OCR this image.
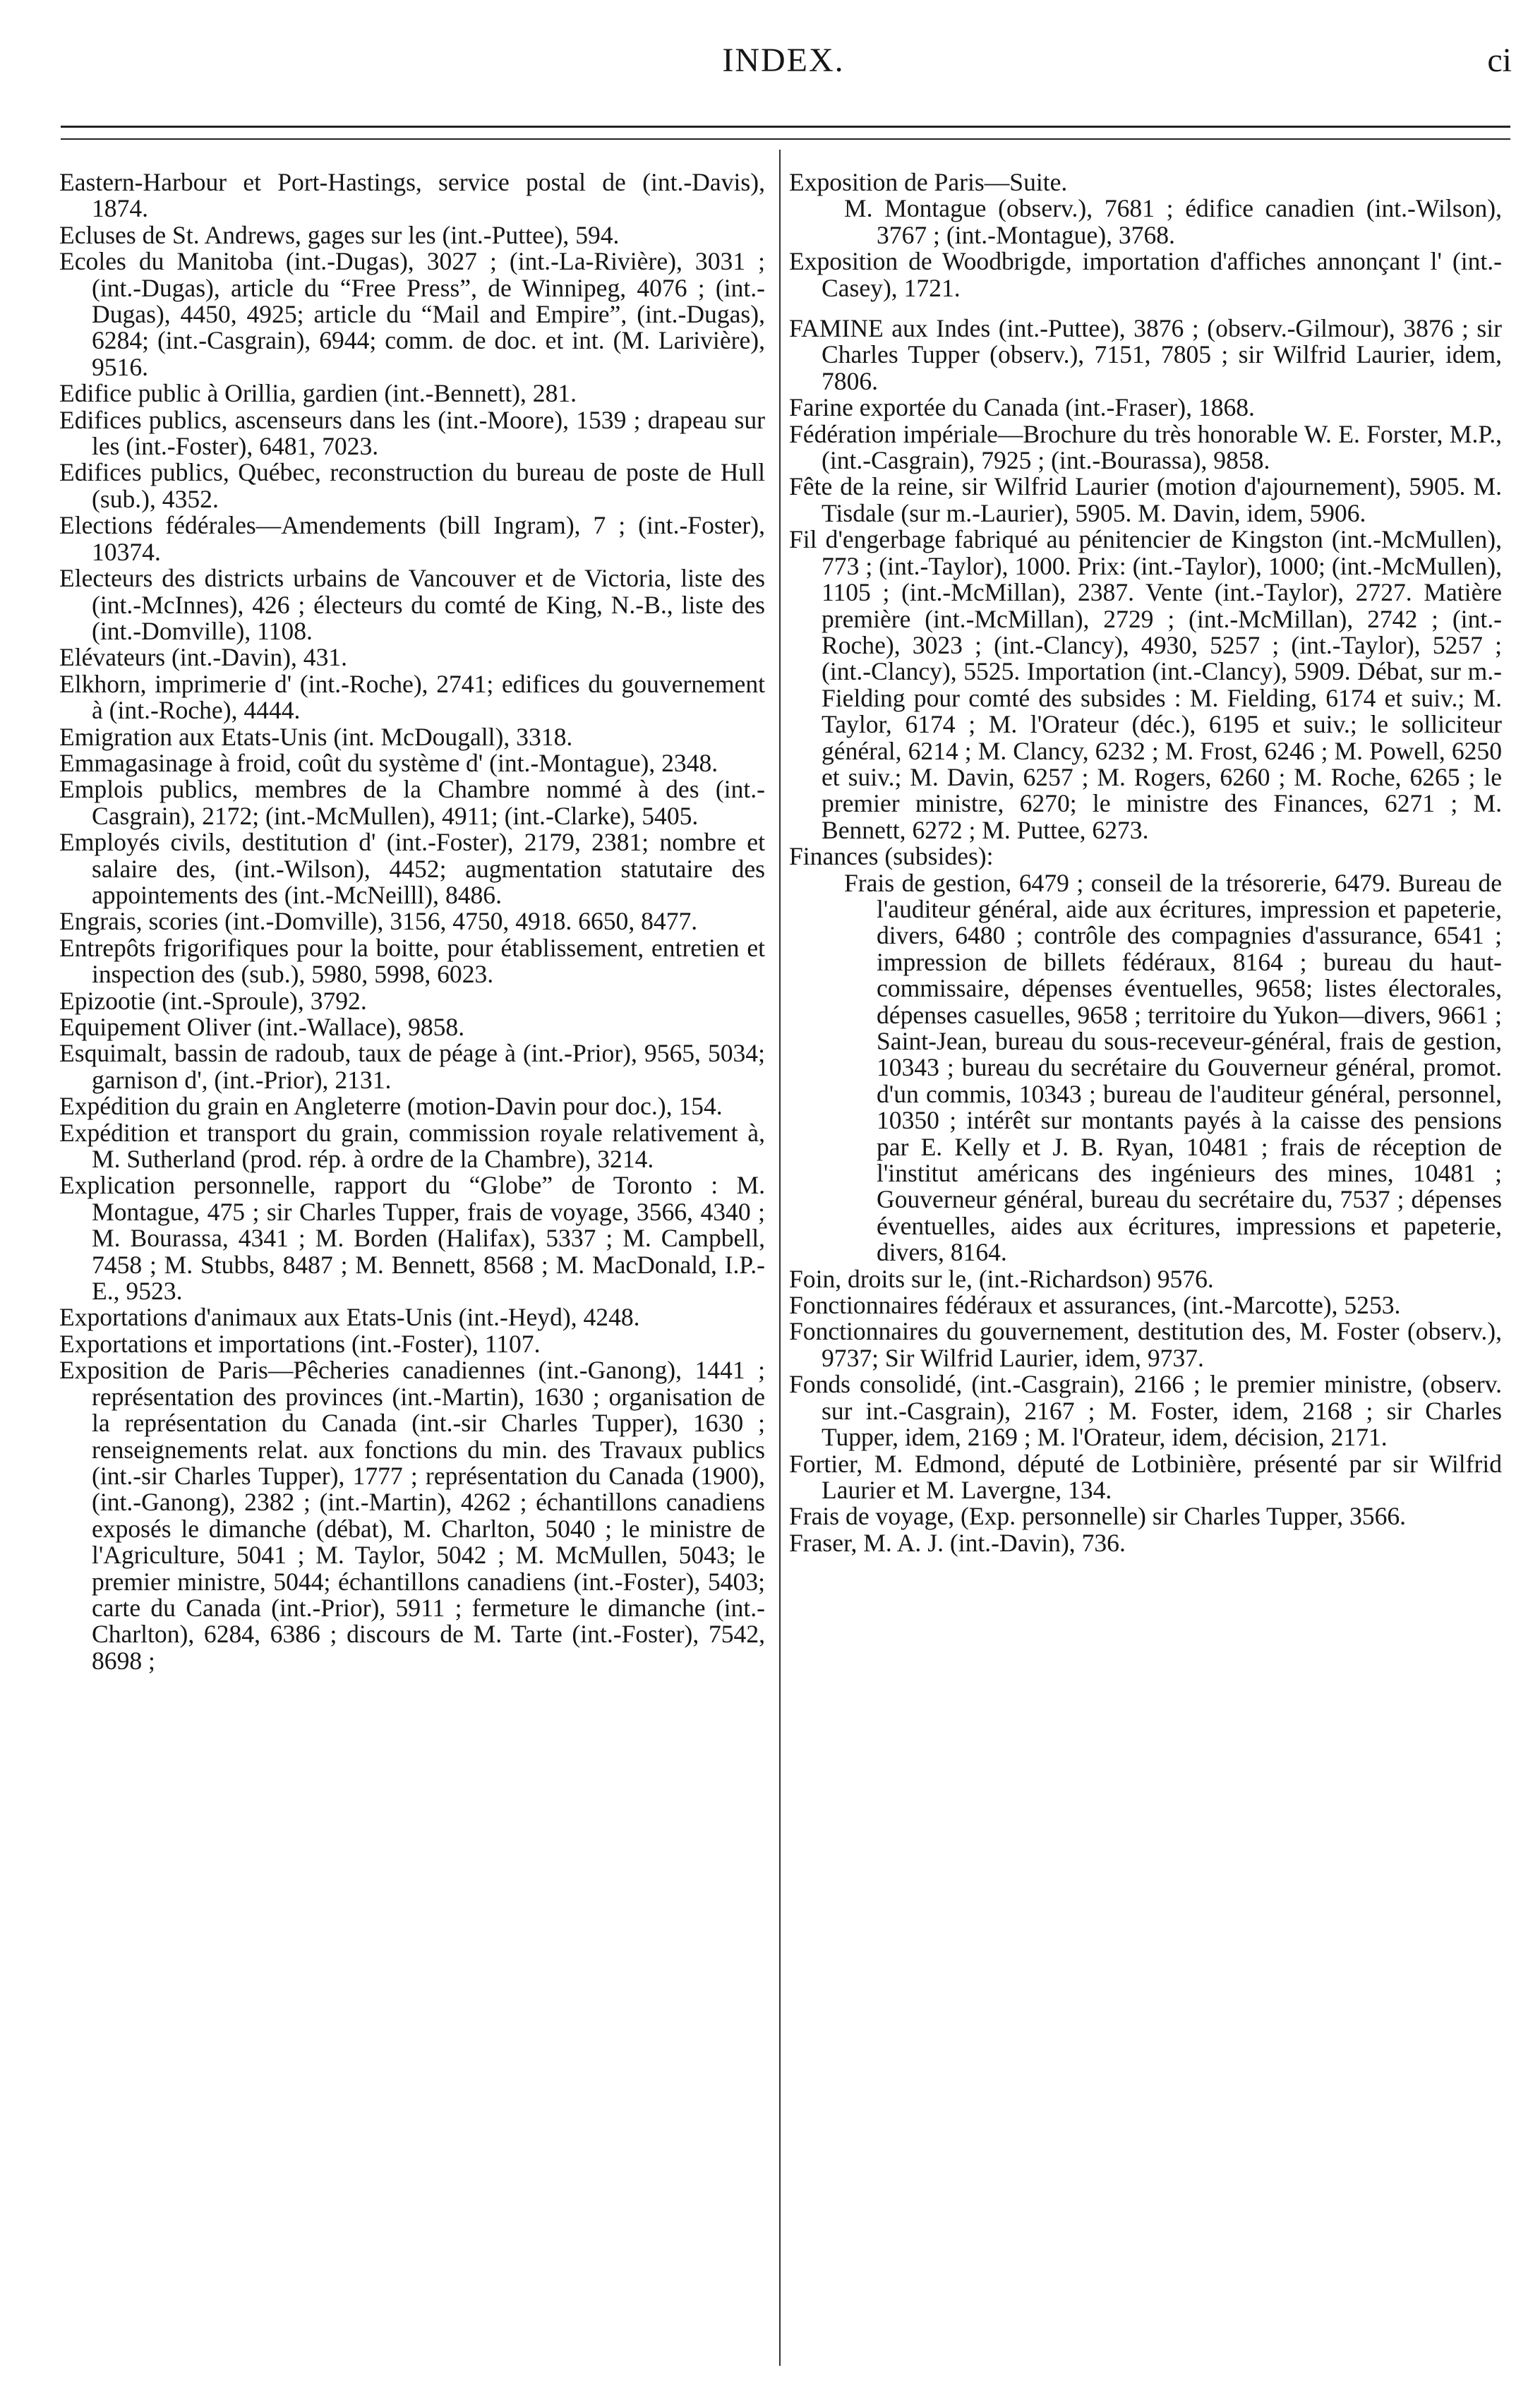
INDEX.	ci

Eastern-Harbour et Port-Hastings, service postal de (int.-Davis), 1874.

Ecluses de St. Andrews, gages sur les (int.-Puttee), 594.

Ecoles du Manitoba (int.-Dugas), 3027 ; (int.-La-Rivière), 3031 ; (int.-Dugas), article du “Free Press”, de Winnipeg, 4076 ; (int.-Dugas), 4450, 4925; article du “Mail and Empire”, (int.-Dugas), 6284; (int.-Casgrain), 6944; comm. de doc. et int. (M. Larivière), 9516.

Edifice public à Orillia, gardien (int.-Bennett), 281.

Edifices publics, ascenseurs dans les (int.-Moore), 1539 ; drapeau sur les (int.-Foster), 6481, 7023.

Edifices publics, Québec, reconstruction du bureau de poste de Hull (sub.), 4352.

Elections fédérales—Amendements (bill Ingram), 7 ; (int.-Foster), 10374.

Electeurs des districts urbains de Vancouver et de Victoria, liste des (int.-McInnes), 426 ; électeurs du comté de King, N.-B., liste des (int.-Domville), 1108.

Elévateurs (int.-Davin), 431.

Elkhorn, imprimerie d' (int.-Roche), 2741; edifices du gouvernement à (int.-Roche), 4444.

Emigration aux Etats-Unis (int. McDougall), 3318.

Emmagasinage à froid, coût du système d' (int.-Montague), 2348.

Emplois publics, membres de la Chambre nommé à des (int.-Casgrain), 2172; (int.-McMullen), 4911; (int.-Clarke), 5405.

Employés civils, destitution d' (int.-Foster), 2179, 2381; nombre et salaire des, (int.-Wilson), 4452; augmentation statutaire des appointements des (int.-McNeilll), 8486.

Engrais, scories (int.-Domville), 3156, 4750, 4918. 6650, 8477.

Entrepôts frigorifiques pour la boitte, pour établissement, entretien et inspection des (sub.), 5980, 5998, 6023.

Epizootie (int.-Sproule), 3792.

Equipement Oliver (int.-Wallace), 9858.

Esquimalt, bassin de radoub, taux de péage à (int.-Prior), 9565, 5034; garnison d', (int.-Prior), 2131.

Expédition du grain en Angleterre (motion-Davin pour doc.), 154.

Expédition et transport du grain, commission royale relativement à, M. Sutherland (prod. rép. à ordre de la Chambre), 3214.

Explication personnelle, rapport du “Globe” de Toronto : M. Montague, 475 ; sir Charles Tupper, frais de voyage, 3566, 4340 ; M. Bourassa, 4341 ; M. Borden (Halifax), 5337 ; M. Campbell, 7458 ; M. Stubbs, 8487 ; M. Bennett, 8568 ; M. MacDonald, I.P.-E., 9523.

Exportations d'animaux aux Etats-Unis (int.-Heyd), 4248.

Exportations et importations (int.-Foster), 1107.

Exposition de Paris—Pêcheries canadiennes (int.-Ganong), 1441 ; représentation des provinces (int.-Martin), 1630 ; organisation de la représentation du Canada (int.-sir Charles Tupper), 1630 ; renseignements relat. aux fonctions du min. des Travaux publics (int.-sir Charles Tupper), 1777 ; représentation du Canada (1900), (int.-Ganong), 2382 ; (int.-Martin), 4262 ; échantillons canadiens exposés le dimanche (débat), M. Charlton, 5040 ; le ministre de l'Agriculture, 5041 ; M. Taylor, 5042 ; M. McMullen, 5043; le premier ministre, 5044; échantillons canadiens (int.-Foster), 5403; carte du Canada (int.-Prior), 5911 ; fermeture le dimanche (int.-Charlton), 6284, 6386 ; discours de M. Tarte (int.-Foster), 7542, 8698 ;

Exposition de Paris—Suite.

M. Montague (observ.), 7681 ; édifice canadien (int.-Wilson), 3767 ; (int.-Montague), 3768.

Exposition de Woodbrigde, importation d'affiches annonçant l' (int.-Casey), 1721.

FAMINE aux Indes (int.-Puttee), 3876 ; (observ.-Gilmour), 3876 ; sir Charles Tupper (observ.), 7151, 7805 ; sir Wilfrid Laurier, idem, 7806.

Farine exportée du Canada (int.-Fraser), 1868.

Fédération impériale—Brochure du très honorable W. E. Forster, M.P., (int.-Casgrain), 7925 ; (int.-Bourassa), 9858.

Fête de la reine, sir Wilfrid Laurier (motion d'ajournement), 5905. M. Tisdale (sur m.-Laurier), 5905. M. Davin, idem, 5906.

Fil d'engerbage fabriqué au pénitencier de Kingston (int.-McMullen), 773 ; (int.-Taylor), 1000. Prix: (int.-Taylor), 1000; (int.-McMullen), 1105 ; (int.-McMillan), 2387. Vente (int.-Taylor), 2727. Matière première (int.-McMillan), 2729 ; (int.-McMillan), 2742 ; (int.-Roche), 3023 ; (int.-Clancy), 4930, 5257 ; (int.-Taylor), 5257 ; (int.-Clancy), 5525. Importation (int.-Clancy), 5909. Débat, sur m.-Fielding pour comté des subsides : M. Fielding, 6174 et suiv.; M. Taylor, 6174 ; M. l'Orateur (déc.), 6195 et suiv.; le solliciteur général, 6214 ; M. Clancy, 6232 ; M. Frost, 6246 ; M. Powell, 6250 et suiv.; M. Davin, 6257 ; M. Rogers, 6260 ; M. Roche, 6265 ; le premier ministre, 6270; le ministre des Finances, 6271 ; M. Bennett, 6272 ; M. Puttee, 6273.

Finances (subsides):

Frais de gestion, 6479 ; conseil de la trésorerie, 6479. Bureau de l'auditeur général, aide aux écritures, impression et papeterie, divers, 6480 ; contrôle des compagnies d'assurance, 6541 ; impression de billets fédéraux, 8164 ; bureau du haut-commissaire, dépenses éventuelles, 9658; listes électorales, dépenses casuelles, 9658 ; territoire du Yukon—divers, 9661 ; Saint-Jean, bureau du sous-receveur-général, frais de gestion, 10343 ; bureau du secrétaire du Gouverneur général, promot. d'un commis, 10343 ; bureau de l'auditeur général, personnel, 10350 ; intérêt sur montants payés à la caisse des pensions par E. Kelly et J. B. Ryan, 10481 ; frais de réception de l'institut américans des ingénieurs des mines, 10481 ; Gouverneur général, bureau du secrétaire du, 7537 ; dépenses éventuelles, aides aux écritures, impressions et papeterie, divers, 8164.

Foin, droits sur le, (int.-Richardson) 9576.

Fonctionnaires fédéraux et assurances, (int.-Marcotte), 5253.

Fonctionnaires du gouvernement, destitution des, M. Foster (observ.), 9737; Sir Wilfrid Laurier, idem, 9737.

Fonds consolidé, (int.-Casgrain), 2166 ; le premier ministre, (observ. sur int.-Casgrain), 2167 ; M. Foster, idem, 2168 ; sir Charles Tupper, idem, 2169 ; M. l'Orateur, idem, décision, 2171.

Fortier, M. Edmond, député de Lotbinière, présenté par sir Wilfrid Laurier et M. Lavergne, 134.

Frais de voyage, (Exp. personnelle) sir Charles Tupper, 3566.

Fraser, M. A. J. (int.-Davin), 736.
